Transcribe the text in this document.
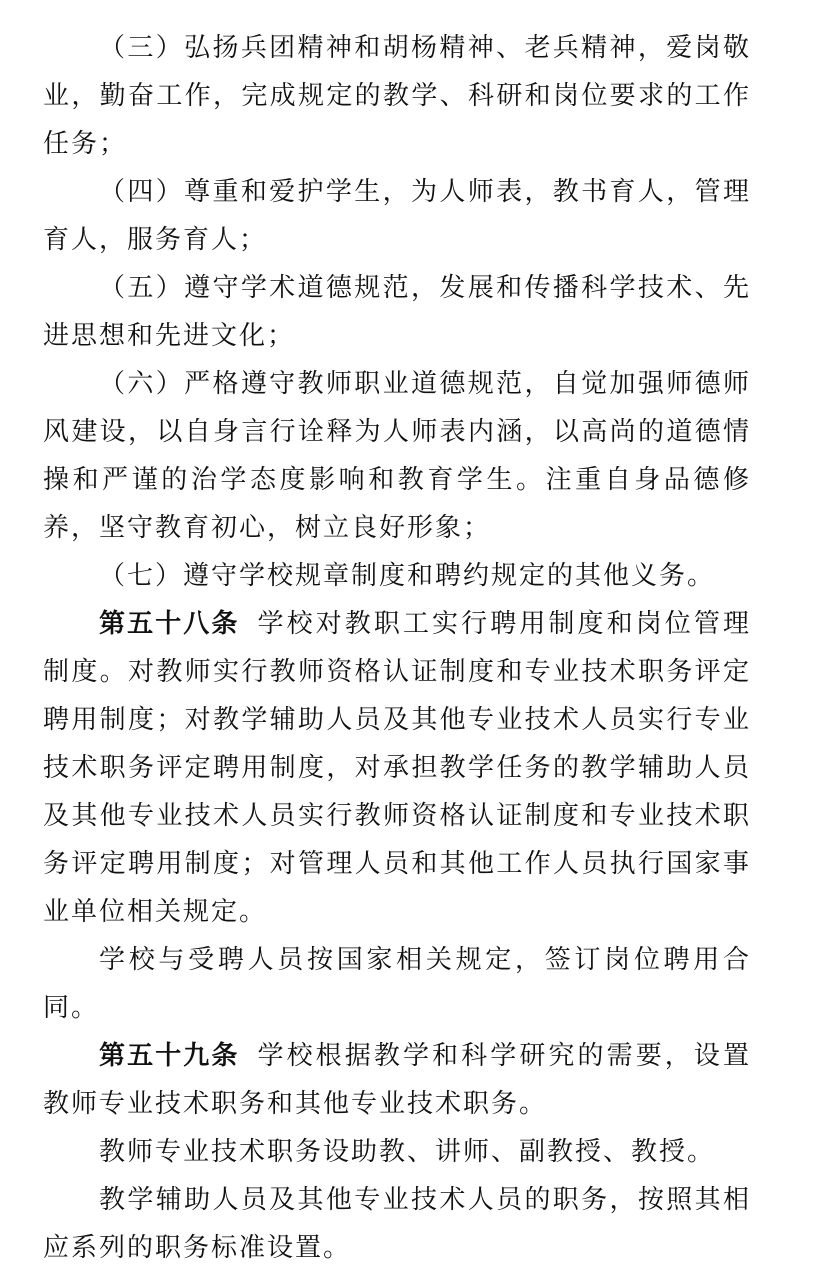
（三）弘扬兵团精神和胡杨精神、老兵精神，爱岗敬业，勤奋工作，完成规定的教学、科研和岗位要求的工作任务；

（四）尊重和爱护学生，为人师表，教书育人，管理育人，服务育人；

（五）遵守学术道德规范，发展和传播科学技术、先进思想和先进文化；

（六）严格遵守教师职业道德规范，自觉加强师德师风建设，以自身言行诠释为人师表内涵，以高尚的道德情操和严谨的治学态度影响和教育学生。注重自身品德修养，坚守教育初心，树立良好形象；

（七）遵守学校规章制度和聘约规定的其他义务。

第五十八条 学校对教职工实行聘用制度和岗位管理制度。对教师实行教师资格认证制度和专业技术职务评定聘用制度；对教学辅助人员及其他专业技术人员实行专业技术职务评定聘用制度，对承担教学任务的教学辅助人员及其他专业技术人员实行教师资格认证制度和专业技术职务评定聘用制度；对管理人员和其他工作人员执行国家事业单位相关规定。

学校与受聘人员按国家相关规定，签订岗位聘用合同。

第五十九条 学校根据教学和科学研究的需要，设置教师专业技术职务和其他专业技术职务。

教师专业技术职务设助教、讲师、副教授、教授。

教学辅助人员及其他专业技术人员的职务，按照其相应系列的职务标准设置。
